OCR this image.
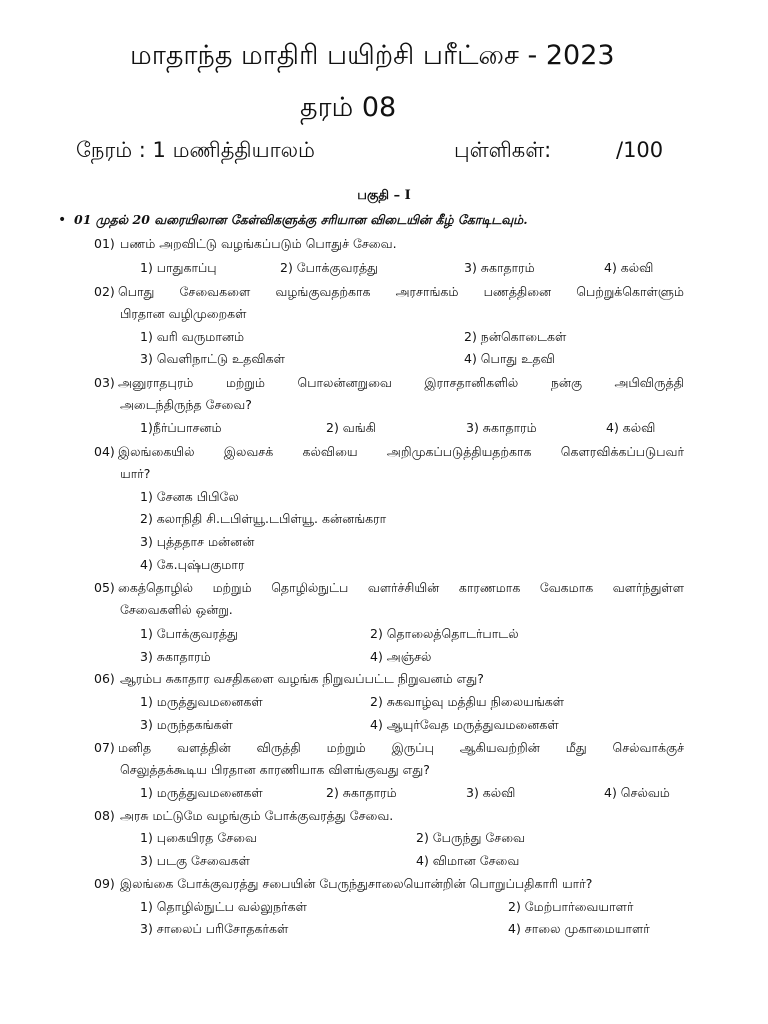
மாதாந்த மாதிரி பயிற்சி பரீட்சை - 2023
தரம் 08
நேரம் : 1 மணித்தியாலம்	புள்ளிகள்:	/100
பகுதி – I
• 01 முதல் 20 வரையிலான கேள்விகளுக்கு சரியான விடையின் கீழ் கோடிடவும்.
01) பணம் அறவிட்டு வழங்கப்படும் பொதுச் சேவை.
1) பாதுகாப்பு	2) போக்குவரத்து	3) சுகாதாரம்	4) கல்வி
02) பொது சேவைகளை வழங்குவதற்காக அரசாங்கம் பணத்தினை பெற்றுக்கொள்ளும்
பிரதான வழிமுறைகள்
1) வரி வருமானம்	2) நன்கொடைகள்
3) வெளிநாட்டு உதவிகள்	4) பொது உதவி
03) அனுராதபுரம் மற்றும் பொலன்னறுவை இராசதானிகளில் நன்கு அபிவிருத்தி
அடைந்திருந்த சேவை?
1)நீர்ப்பாசனம்	2) வங்கி	3) சுகாதாரம்	4) கல்வி
04) இலங்கையில் இலவசக் கல்வியை அறிமுகப்படுத்தியதற்காக கௌரவிக்கப்படுபவர்
யார்?
1) சேனக பிபிலே
2) கலாநிதி சி.டபிள்யூ.டபிள்யூ. கன்னங்கரா
3) புத்ததாச மன்னன்
4) கே.புஷ்பகுமார
05) கைத்தொழில் மற்றும் தொழில்நுட்ப வளர்ச்சியின் காரணமாக வேகமாக வளர்ந்துள்ள
சேவைகளில் ஒன்று.
1) போக்குவரத்து	2) தொலைத்தொடர்பாடல்
3) சுகாதாரம்	4) அஞ்சல்
06) ஆரம்ப சுகாதார வசதிகளை வழங்க நிறுவப்பட்ட நிறுவனம் எது?
1) மருத்துவமனைகள்	2) சுகவாழ்வு மத்திய நிலையங்கள்
3) மருந்தகங்கள்	4) ஆயுர்வேத மருத்துவமனைகள்
07) மனித வளத்தின் விருத்தி மற்றும் இருப்பு ஆகியவற்றின் மீது செல்வாக்குச்
செலுத்தக்கூடிய பிரதான காரணியாக விளங்குவது எது?
1) மருத்துவமனைகள்	2) சுகாதாரம்	3) கல்வி	4) செல்வம்
08) அரசு மட்டுமே வழங்கும் போக்குவரத்து சேவை.
1) புகையிரத சேவை	2) பேருந்து சேவை
3) படகு சேவைகள்	4) விமான சேவை
09) இலங்கை போக்குவரத்து சபையின் பேருந்துசாலையொன்றின் பொறுப்பதிகாரி யார்?
1) தொழில்நுட்ப வல்லுநர்கள்	2) மேற்பார்வையாளர்
3) சாலைப் பரிசோதகர்கள்	4) சாலை முகாமையாளர்
